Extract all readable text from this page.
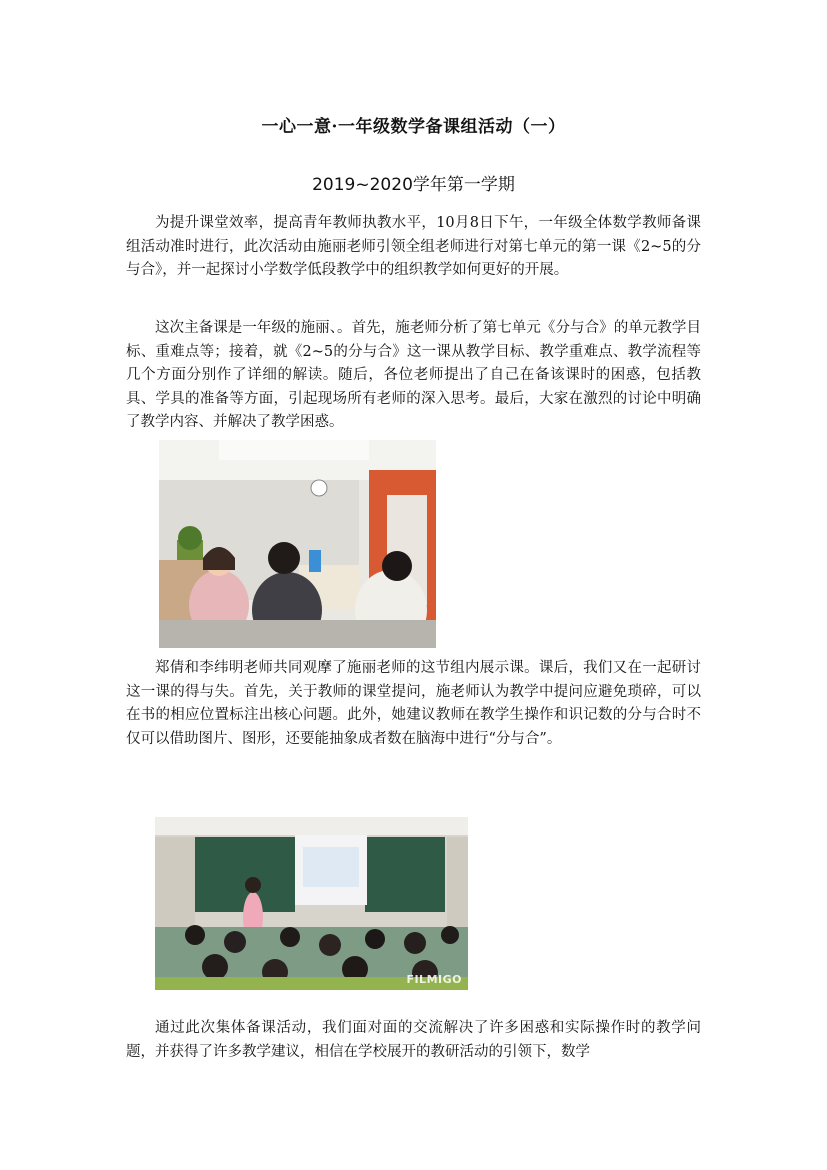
一心一意·一年级数学备课组活动（一）
2019~2020学年第一学期

为提升课堂效率，提高青年教师执教水平，10月8日下午，一年级全体数学教师备课组活动准时进行，此次活动由施丽老师引领全组老师进行对第七单元的第一课《2~5的分与合》，并一起探讨小学数学低段教学中的组织教学如何更好的开展。

这次主备课是一年级的施丽、。首先，施老师分析了第七单元《分与合》的单元教学目标、重难点等；接着，就《2~5的分与合》这一课从教学目标、教学重难点、教学流程等几个方面分别作了详细的解读。随后，各位老师提出了自己在备该课时的困惑，包括教具、学具的准备等方面，引起现场所有老师的深入思考。最后，大家在激烈的讨论中明确了教学内容、并解决了教学困惑。

郑倩和李纬明老师共同观摩了施丽老师的这节组内展示课。课后，我们又在一起研讨这一课的得与失。首先，关于教师的课堂提问，施老师认为教学中提问应避免琐碎，可以在书的相应位置标注出核心问题。此外，她建议教师在教学生操作和识记数的分与合时不仅可以借助图片、图形，还要能抽象成者数在脑海中进行“分与合”。

FILMIGO

通过此次集体备课活动，我们面对面的交流解决了许多困惑和实际操作时的教学问题，并获得了许多教学建议，相信在学校展开的教研活动的引领下，数学
